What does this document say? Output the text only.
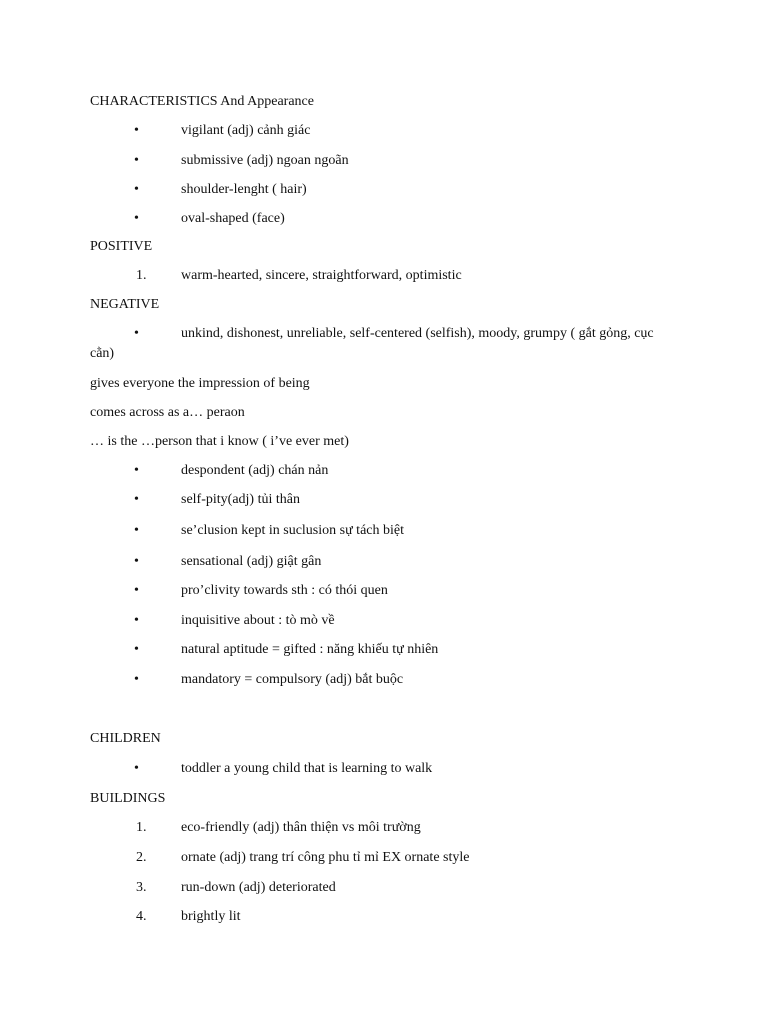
CHARACTERISTICS And Appearance
•	vigilant (adj) cảnh giác
•	submissive (adj) ngoan ngoãn
•	shoulder-lenght ( hair)
•	oval-shaped (face)
POSITIVE
1. warm-hearted, sincere, straightforward, optimistic
NEGATIVE
•	unkind, dishonest, unreliable, self-centered (selfish), moody, grumpy ( gắt gỏng, cục
cằn)
gives everyone the impression of being
comes across as a… peraon
… is the …person that i know ( i’ve ever met)
•	despondent (adj) chán nản
•	self-pity(adj) tủi thân
•	se’clusion kept in suclusion sự tách biệt
•	sensational (adj) giật gân
•	pro’clivity towards sth : có thói quen
•	inquisitive about : tò mò về
•	natural aptitude = gifted : năng khiếu tự nhiên
•	mandatory = compulsory (adj) bắt buộc
CHILDREN
•	toddler a young child that is learning to walk
BUILDINGS
1. eco-friendly (adj) thân thiện vs môi trường
2. ornate (adj) trang trí công phu tỉ mỉ EX ornate style
3. run-down (adj) deteriorated
4. brightly lit
